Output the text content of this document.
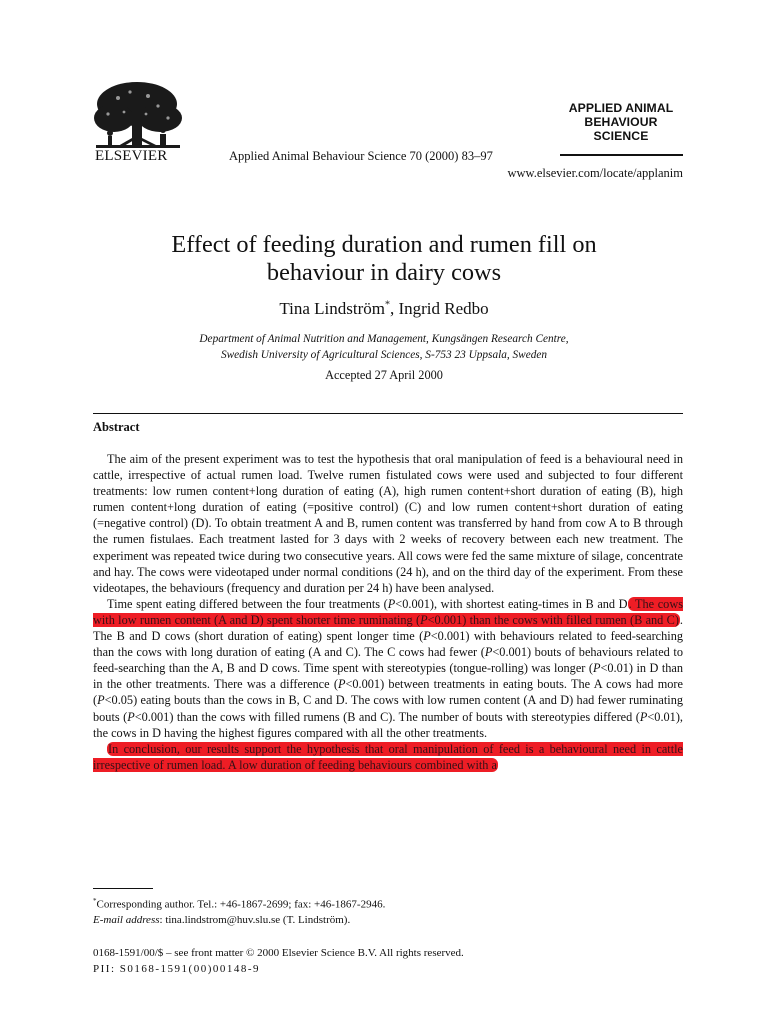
ELSEVIER	Applied Animal Behaviour Science 70 (2000) 83–97
APPLIED ANIMAL
BEHAVIOUR
SCIENCE
www.elsevier.com/locate/applanim
Effect of feeding duration and rumen fill on
behaviour in dairy cows
Tina Lindström*, Ingrid Redbo
Department of Animal Nutrition and Management, Kungsängen Research Centre,
Swedish University of Agricultural Sciences, S-753 23 Uppsala, Sweden
Accepted 27 April 2000
Abstract

The aim of the present experiment was to test the hypothesis that oral manipulation of feed is a behavioural need in cattle, irrespective of actual rumen load. Twelve rumen fistulated cows were used and subjected to four different treatments: low rumen content+long duration of eating (A), high rumen content+short duration of eating (B), high rumen content+long duration of eating (=positive control) (C) and low rumen content+short duration of eating (=negative control) (D). To obtain treatment A and B, rumen content was transferred by hand from cow A to B through the rumen fistulaes. Each treatment lasted for 3 days with 2 weeks of recovery between each new treatment. The experiment was repeated twice during two consecutive years. All cows were fed the same mixture of silage, concentrate and hay. The cows were videotaped under normal conditions (24 h), and on the third day of the experiment. From these videotapes, the behaviours (frequency and duration per 24 h) have been analysed.

Time spent eating differed between the four treatments (P<0.001), with shortest eating-times in B and D. The cows with low rumen content (A and D) spent shorter time ruminating (P<0.001) than the cows with filled rumen (B and C). The B and D cows (short duration of eating) spent longer time (P<0.001) with behaviours related to feed-searching than the cows with long duration of eating (A and C). The C cows had fewer (P<0.001) bouts of behaviours related to feed-searching than the A, B and D cows. Time spent with stereotypies (tongue-rolling) was longer (P<0.01) in D than in the other treatments. There was a difference (P<0.001) between treatments in eating bouts. The A cows had more (P<0.05) eating bouts than the cows in B, C and D. The cows with low rumen content (A and D) had fewer ruminating bouts (P<0.001) than the cows with filled rumens (B and C). The number of bouts with stereotypies differed (P<0.01), the cows in D having the highest figures compared with all the other treatments.

In conclusion, our results support the hypothesis that oral manipulation of feed is a behavioural need in cattle irrespective of rumen load. A low duration of feeding behaviours combined with a

*Corresponding author. Tel.: +46-1867-2699; fax: +46-1867-2946.
E-mail address: tina.lindstrom@huv.slu.se (T. Lindström).
0168-1591/00/$ – see front matter © 2000 Elsevier Science B.V. All rights reserved.
PII: S0168-1591(00)00148-9
